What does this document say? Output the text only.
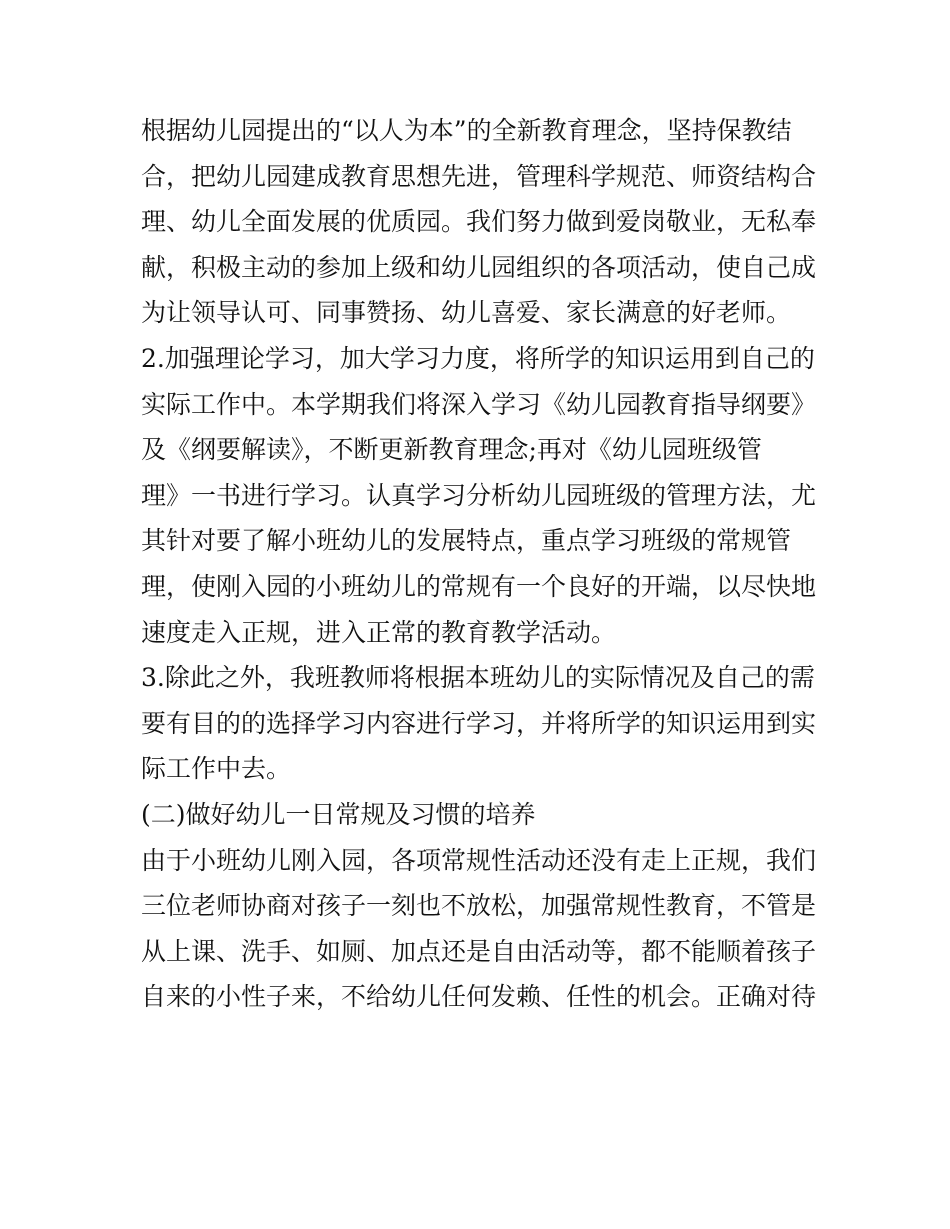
根据幼儿园提出的“以人为本”的全新教育理念，坚持保教结

合，把幼儿园建成教育思想先进，管理科学规范、师资结构合

理、幼儿全面发展的优质园。我们努力做到爱岗敬业，无私奉

献，积极主动的参加上级和幼儿园组织的各项活动，使自己成

为让领导认可、同事赞扬、幼儿喜爱、家长满意的好老师。

2.加强理论学习，加大学习力度，将所学的知识运用到自己的

实际工作中。本学期我们将深入学习《幼儿园教育指导纲要》

及《纲要解读》，不断更新教育理念;再对《幼儿园班级管

理》一书进行学习。认真学习分析幼儿园班级的管理方法，尤

其针对要了解小班幼儿的发展特点，重点学习班级的常规管

理，使刚入园的小班幼儿的常规有一个良好的开端，以尽快地

速度走入正规，进入正常的教育教学活动。

3.除此之外，我班教师将根据本班幼儿的实际情况及自己的需

要有目的的选择学习内容进行学习，并将所学的知识运用到实

际工作中去。

(二)做好幼儿一日常规及习惯的培养

由于小班幼儿刚入园，各项常规性活动还没有走上正规，我们

三位老师协商对孩子一刻也不放松，加强常规性教育，不管是

从上课、洗手、如厕、加点还是自由活动等，都不能顺着孩子

自来的小性子来，不给幼儿任何发赖、任性的机会。正确对待
